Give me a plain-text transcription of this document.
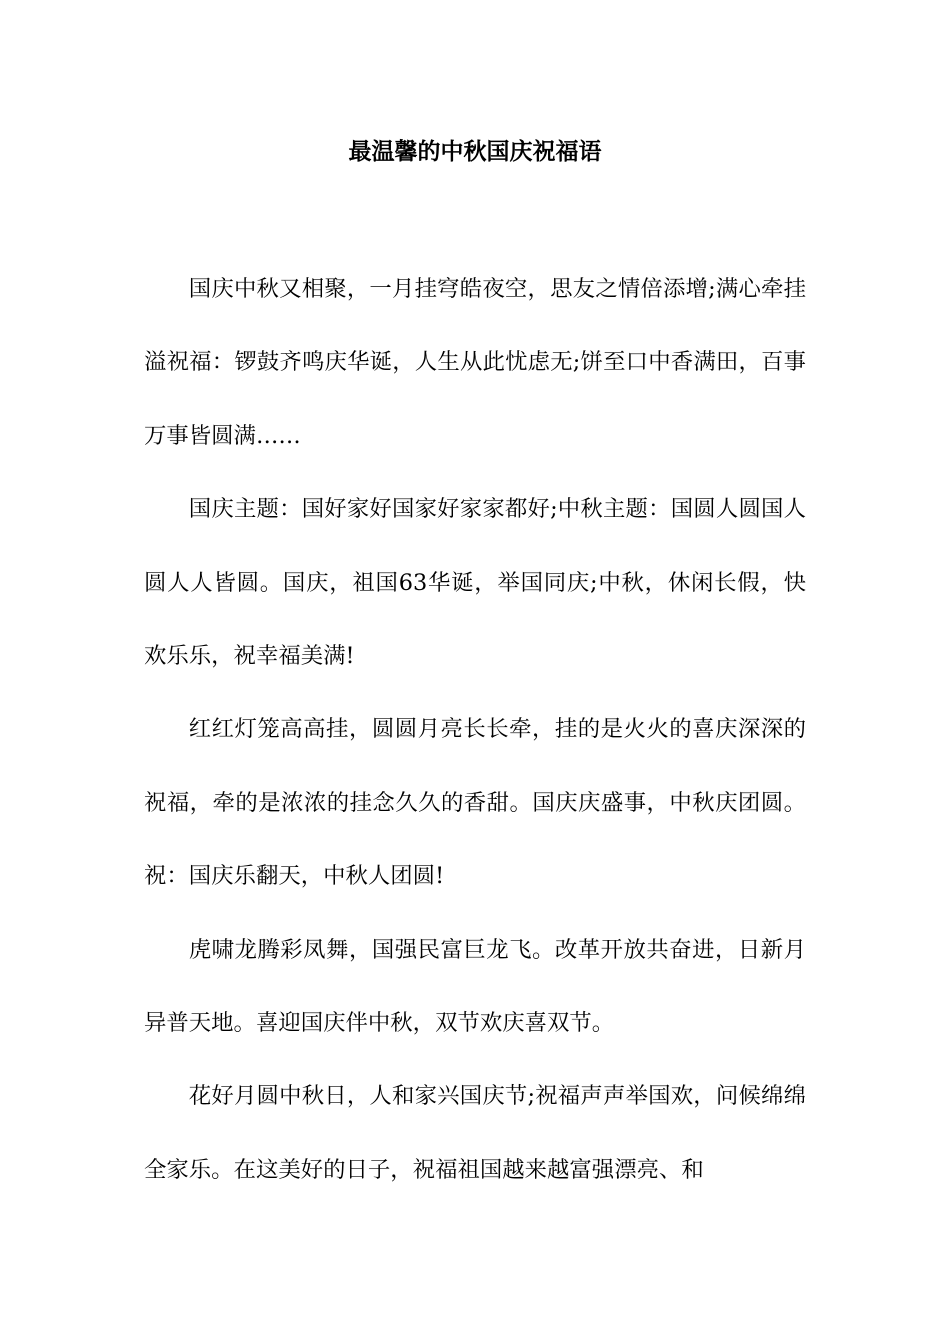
最温馨的中秋国庆祝福语

国庆中秋又相聚，一月挂穹皓夜空，思友之情倍添增;满心牵挂溢祝福：锣鼓齐鸣庆华诞，人生从此忧虑无;饼至口中香满田，百事万事皆圆满……

国庆主题：国好家好国家好家家都好;中秋主题：国圆人圆国人圆人人皆圆。国庆，祖国63华诞，举国同庆;中秋，休闲长假，快欢乐乐，祝幸福美满!

红红灯笼高高挂，圆圆月亮长长牵，挂的是火火的喜庆深深的祝福，牵的是浓浓的挂念久久的香甜。国庆庆盛事，中秋庆团圆。祝：国庆乐翻天，中秋人团圆!

虎啸龙腾彩凤舞，国强民富巨龙飞。改革开放共奋进，日新月异普天地。喜迎国庆伴中秋，双节欢庆喜双节。

花好月圆中秋日，人和家兴国庆节;祝福声声举国欢，问候绵绵全家乐。在这美好的日子，祝福祖国越来越富强漂亮、和
